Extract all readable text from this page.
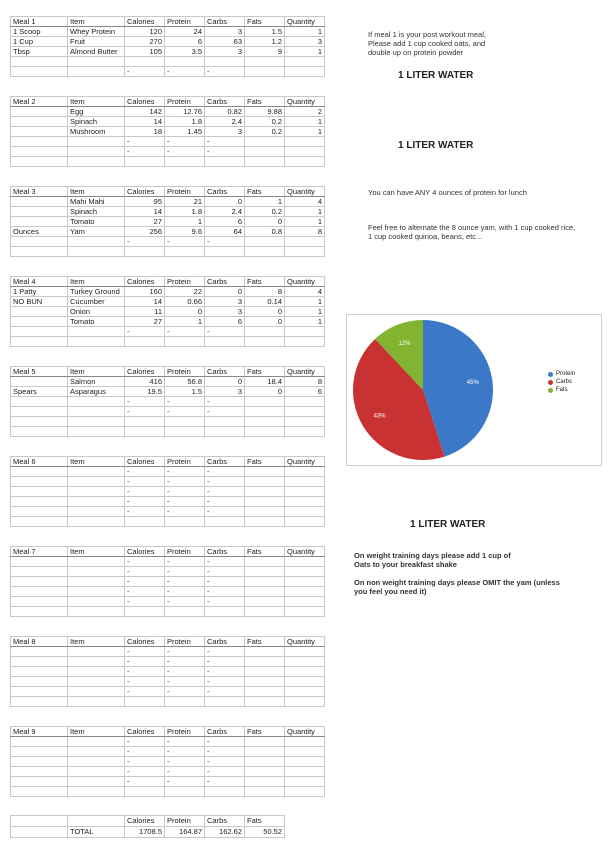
Meal 1	Item	Calories	Protein	Carbs	Fats	Quantity
1 Scoop	Whey Protein	120	24	3	1.5	1
1 Cup	Fruit	270	6	63	1.2	3
Tbsp	Almond Butter	105	3.5	3	9	1

		-	-	-		
Meal 2	Item	Calories	Protein	Carbs	Fats	Quantity
	Egg	142	12.76	0.82	9.88	2
	Spinach	14	1.8	2.4	0.2	1
	Mushroom	18	1.45	3	0.2	1
		-	-	-		
		-	-	-		

Meal 3	Item	Calories	Protein	Carbs	Fats	Quantity
	Mahi Mahi	95	21	0	1	4
	Spinach	14	1.8	2.4	0.2	1
	Tomato	27	1	6	0	1
Ounces	Yam	256	9.6	64	0.8	8
		-	-	-		

Meal 4	Item	Calories	Protein	Carbs	Fats	Quantity
1 Patty	Turkey Ground	160	22	0	8	4
NO BUN	Cucumber	14	0.66	3	0.14	1
	Onion	11	0	3	0	1
	Tomato	27	1	6	0	1
		-	-	-		

Meal 5	Item	Calories	Protein	Carbs	Fats	Quantity
	Salmon	416	56.8	0	18.4	8
Spears	Asparagus	19.5	1.5	3	0	6
		-	-	-		
		-	-	-		

Meal 6	Item	Calories	Protein	Carbs	Fats	Quantity
		-	-	-		
		-	-	-		
		-	-	-		
		-	-	-		
		-	-	-		

Meal 7	Item	Calories	Protein	Carbs	Fats	Quantity
		-	-	-		
		-	-	-		
		-	-	-		
		-	-	-		
		-	-	-		

Meal 8	Item	Calories	Protein	Carbs	Fats	Quantity
		-	-	-		
		-	-	-		
		-	-	-		
		-	-	-		
		-	-	-		

Meal 9	Item	Calories	Protein	Carbs	Fats	Quantity
		-	-	-		
		-	-	-		
		-	-	-		
		-	-	-		
		-	-	-		

		Calories	Protein	Carbs	Fats
	TOTAL	1708.5	164.87	162.62	50.52
If meal 1 is your post workout meal, Please add 1 cup cooked oats, and double up on protein powder
1 LITER WATER
1 LITER WATER
You can have ANY 4 ounces of protein for lunch
Feel free to alternate the 8 ounce yam, with 1 cup cooked rice, 1 cup cooked quinoa, beans, etc...
45%
43%
12%
Protein
Carbs
Fats
1 LITER WATER
On weight training days please add 1 cup of Oats to your breakfast shake
On non weight training days please OMIT the yam (unless you feel you need it)
